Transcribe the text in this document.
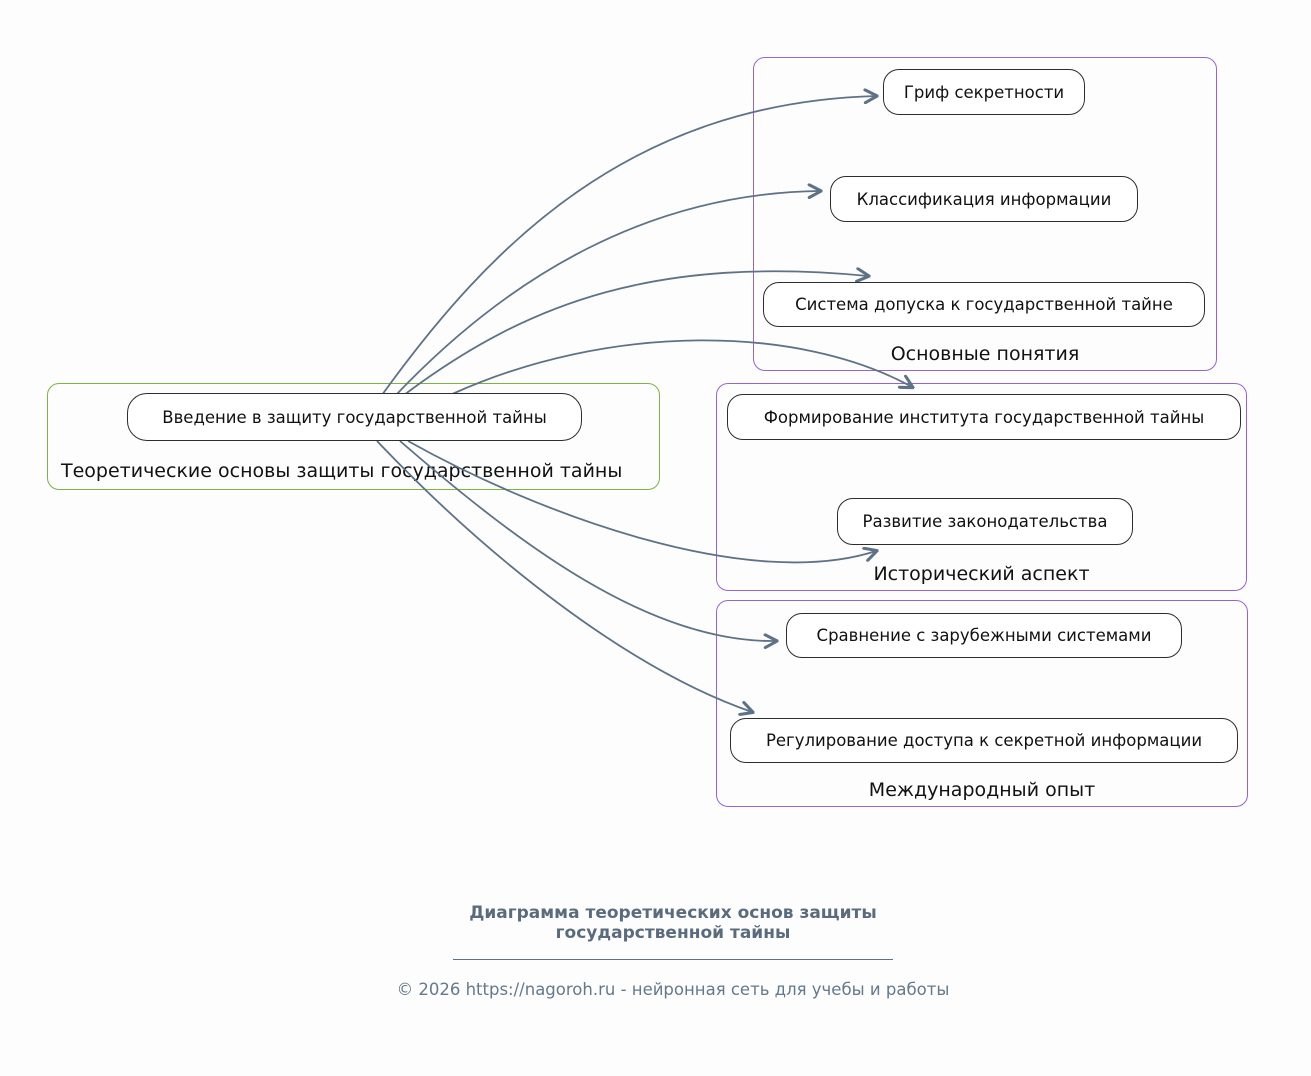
Теоретические основы защиты государственной тайны
Основные понятия
Исторический аспект
Международный опыт
Введение в защиту государственной тайны
Гриф секретности
Классификация информации
Система допуска к государственной тайне
Формирование института государственной тайны
Развитие законодательства
Сравнение с зарубежными системами
Регулирование доступа к секретной информации
Диаграмма теоретических основ защиты
государственной тайны
© 2026 https://nagoroh.ru - нейронная сеть для учебы и работы
